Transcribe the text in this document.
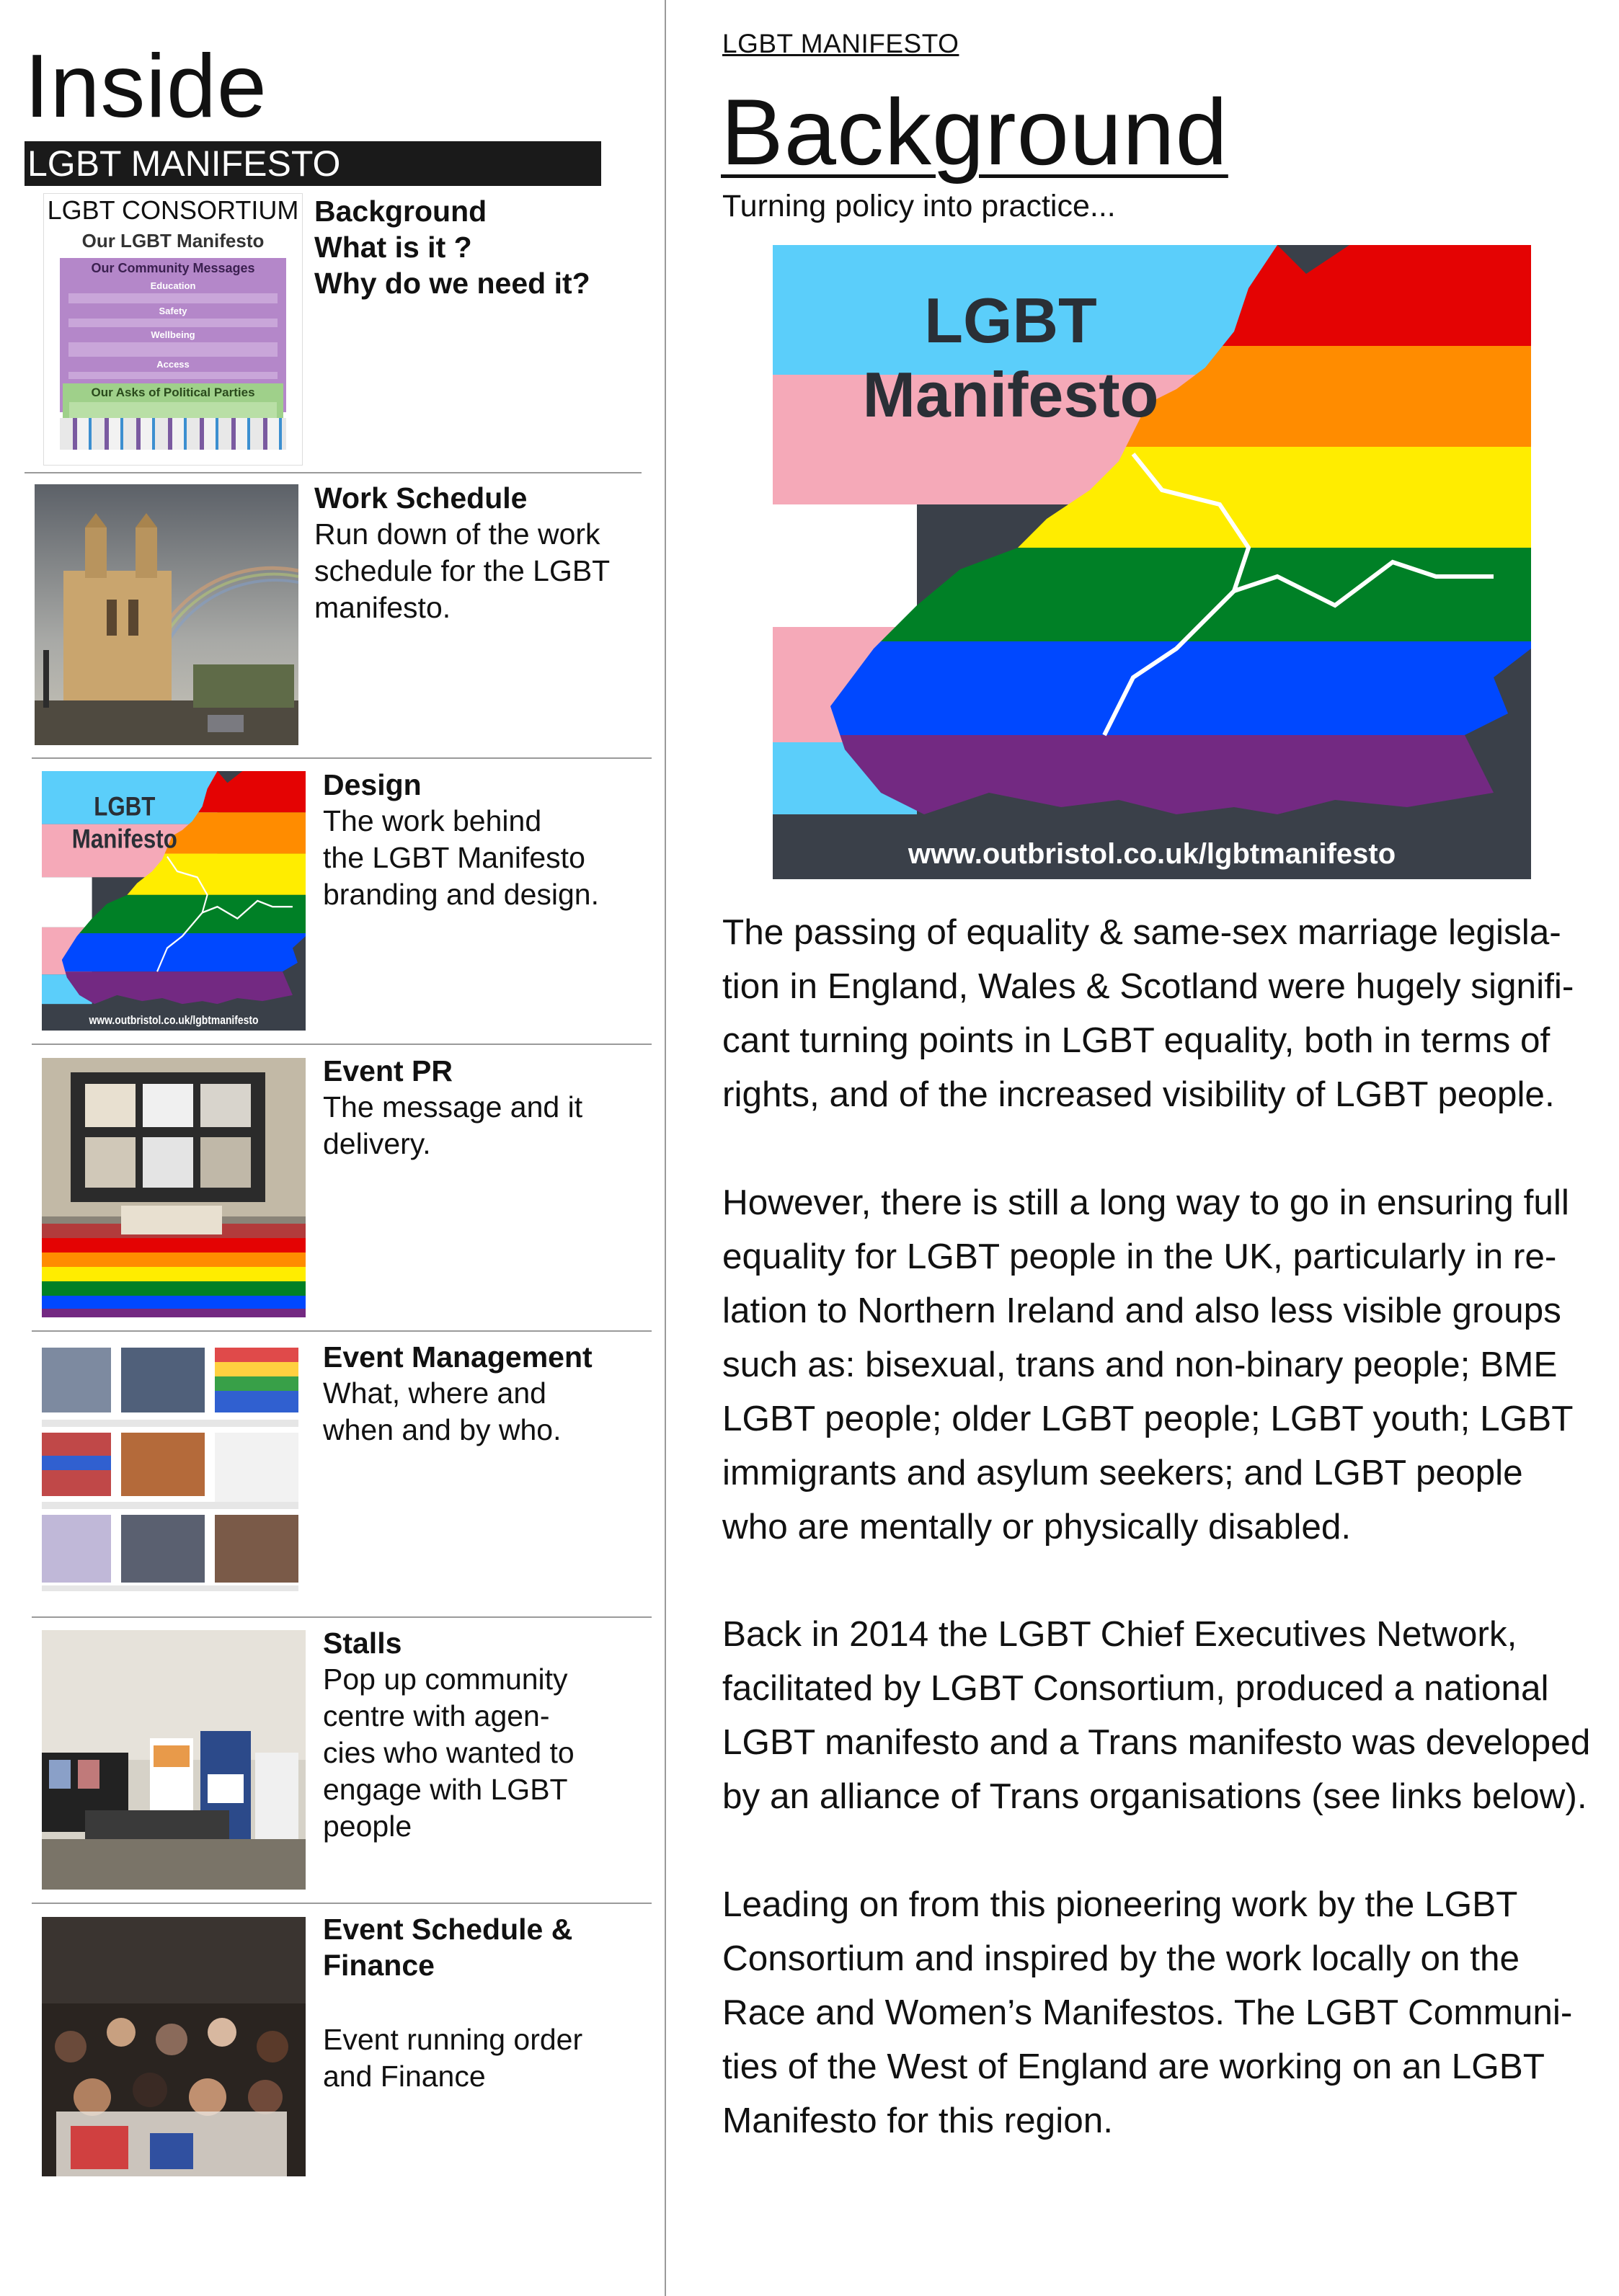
Inside
LGBT MANIFESTO
LGBT CONSORTIUM
Our LGBT Manifesto
Our Community Messages
Education
Safety
Wellbeing
Access
Our Asks of Political Parties
Background
What is it ?
Why do we need it?
Work Schedule
Run down of the work
schedule for the LGBT
manifesto.
LGBT
Manifesto
www.outbristol.co.uk/lgbtmanifesto
Design
The work behind
the LGBT Manifesto
branding and design.
Event PR
The message and it
delivery.
Event Management
What, where and
when and by who.
Stalls
Pop up community
centre with agen-
cies who wanted to
engage with LGBT
people
Event Schedule &
Finance
Event running order
and Finance
LGBT MANIFESTO
Background
Turning policy into practice...
LGBT
Manifesto
www.outbristol.co.uk/lgbtmanifesto
The passing of equality & same-sex marriage legisla-
tion in England, Wales & Scotland were hugely signifi-
cant turning points in LGBT equality, both in terms of
rights, and of the increased visibility of LGBT people.
However, there is still a long way to go in ensuring full
equality for LGBT people in the UK, particularly in re-
lation to Northern Ireland and also less visible groups
such as: bisexual, trans and non-binary people; BME
LGBT people; older LGBT people; LGBT youth; LGBT
immigrants and asylum seekers; and LGBT people
who are mentally or physically disabled.
Back in 2014 the LGBT Chief Executives Network,
facilitated by LGBT Consortium, produced a national
LGBT manifesto and a Trans manifesto was developed
by an alliance of Trans organisations (see links below).
Leading on from this pioneering work by the LGBT
Consortium and inspired by the work locally on the
Race and Women’s Manifestos. The LGBT Communi-
ties of the West of England are working on an LGBT
Manifesto for this region.
